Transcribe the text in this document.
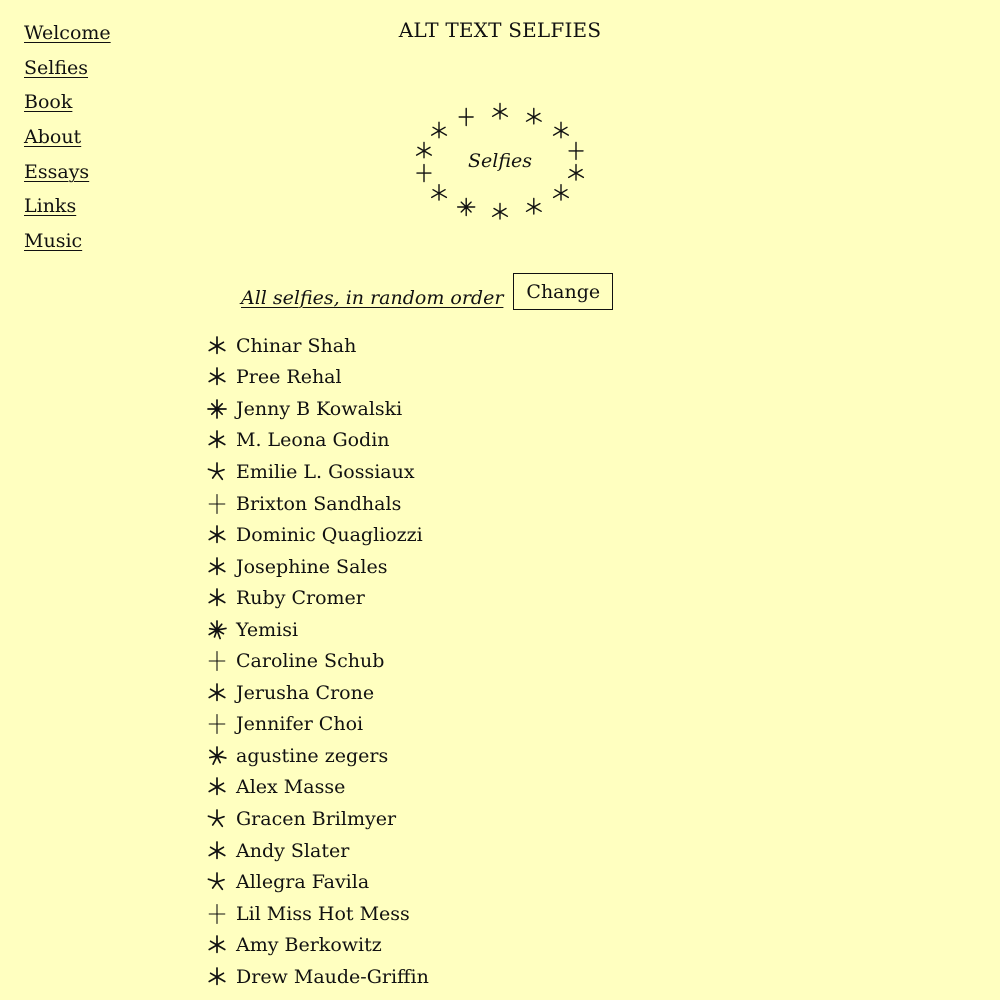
Welcome
Selfies
Book
About
Essays
Links
Music
ALT TEXT SELFIES
Selfies
All selfies, in random order	Change
Chinar Shah
Pree Rehal
Jenny B Kowalski
M. Leona Godin
Emilie L. Gossiaux
Brixton Sandhals
Dominic Quagliozzi
Josephine Sales
Ruby Cromer
Yemisi
Caroline Schub
Jerusha Crone
Jennifer Choi
agustine zegers
Alex Masse
Gracen Brilmyer
Andy Slater
Allegra Favila
Lil Miss Hot Mess
Amy Berkowitz
Drew Maude-Griffin
